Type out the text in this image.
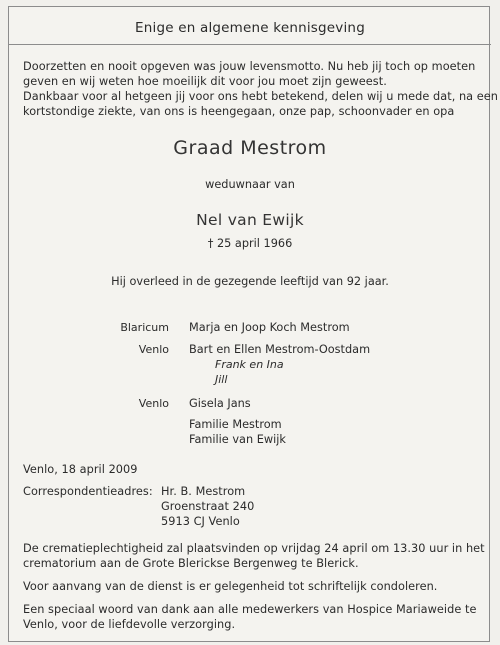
Enige en algemene kennisgeving
Doorzetten en nooit opgeven was jouw levensmotto. Nu heb jij toch op moeten
geven en wij weten hoe moeilijk dit voor jou moet zijn geweest.
Dankbaar voor al hetgeen jij voor ons hebt betekend, delen wij u mede dat, na een
kortstondige ziekte, van ons is heengegaan, onze pap, schoonvader en opa
Graad Mestrom
weduwnaar van
Nel van Ewijk
† 25 april 1966
Hij overleed in de gezegende leeftijd van 92 jaar.
Blaricum Marja en Joop Koch Mestrom
Venlo Bart en Ellen Mestrom-Oostdam
Frank en Ina
Jill
Venlo Gisela Jans
Familie Mestrom
Familie van Ewijk
Venlo, 18 april 2009
Correspondentieadres: Hr. B. Mestrom
Groenstraat 240
5913 CJ Venlo
De crematieplechtigheid zal plaatsvinden op vrijdag 24 april om 13.30 uur in het
crematorium aan de Grote Blerickse Bergenweg te Blerick.
Voor aanvang van de dienst is er gelegenheid tot schriftelijk condoleren.
Een speciaal woord van dank aan alle medewerkers van Hospice Mariaweide te
Venlo, voor de liefdevolle verzorging.
